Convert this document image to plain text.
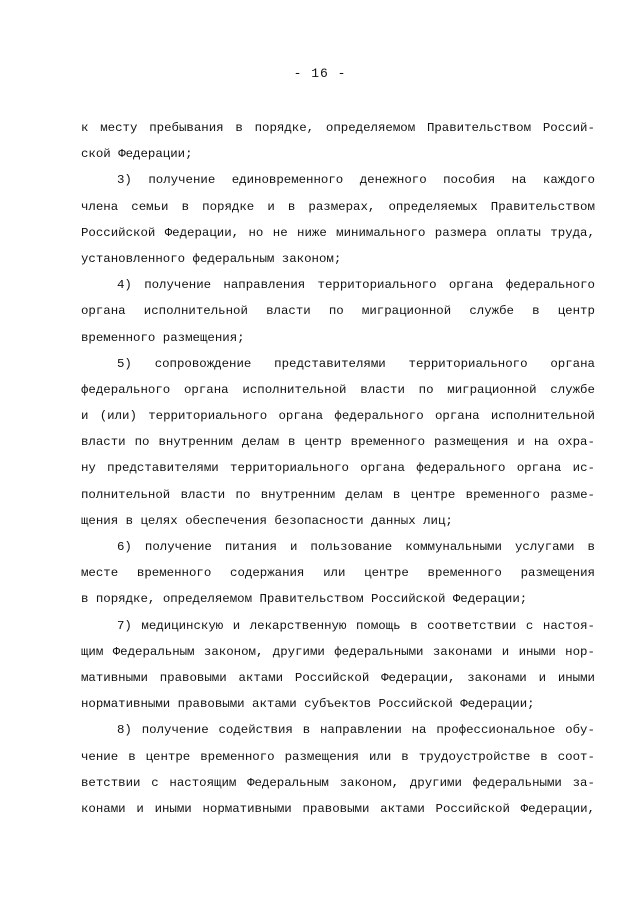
- 16 -
к месту пребывания в порядке, определяемом Правительством Россий-
ской Федерации;
3) получение единовременного денежного пособия на каждого
члена семьи в порядке и в размерах, определяемых Правительством
Российской Федерации, но не ниже минимального размера оплаты труда,
установленного федеральным законом;
4) получение направления территориального органа федерального
органа исполнительной власти по миграционной службе в центр
временного размещения;
5) сопровождение представителями территориального органа
федерального органа исполнительной власти по миграционной службе
и (или) территориального органа федерального органа исполнительной
власти по внутренним делам в центр временного размещения и на охра-
ну представителями территориального органа федерального органа ис-
полнительной власти по внутренним делам в центре временного разме-
щения в целях обеспечения безопасности данных лиц;
6) получение питания и пользование коммунальными услугами в
месте временного содержания или центре временного размещения
в порядке, определяемом Правительством Российской Федерации;
7) медицинскую и лекарственную помощь в соответствии с настоя-
щим Федеральным законом, другими федеральными законами и иными нор-
мативными правовыми актами Российской Федерации, законами и иными
нормативными правовыми актами субъектов Российской Федерации;
8) получение содействия в направлении на профессиональное обу-
чение в центре временного размещения или в трудоустройстве в соот-
ветствии с настоящим Федеральным законом, другими федеральными за-
конами и иными нормативными правовыми актами Российской Федерации,
